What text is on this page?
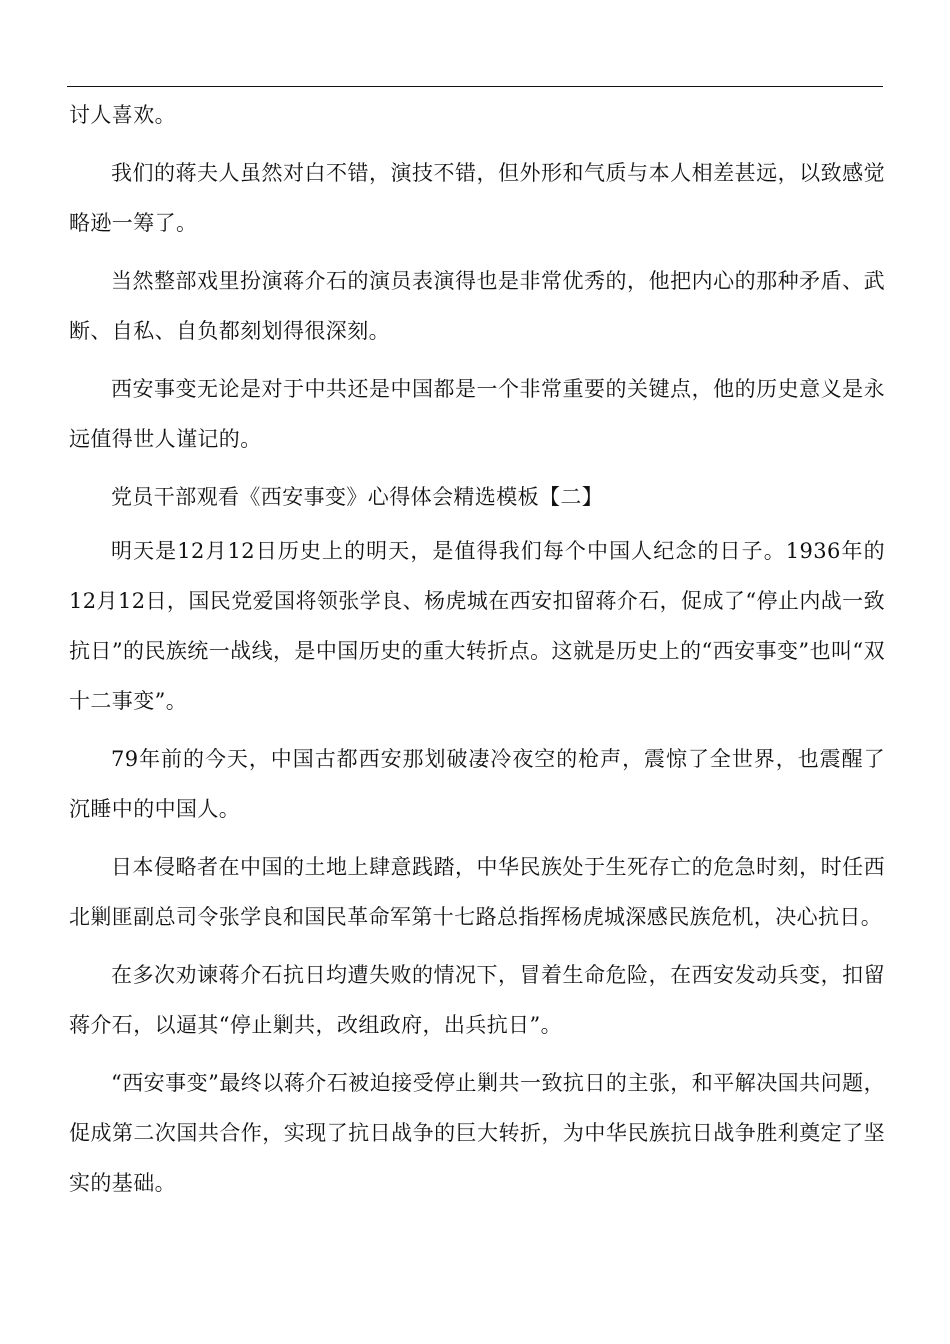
讨人喜欢。

我们的蒋夫人虽然对白不错，演技不错，但外形和气质与本人相差甚远，以致感觉略逊一筹了。

当然整部戏里扮演蒋介石的演员表演得也是非常优秀的，他把内心的那种矛盾、武断、自私、自负都刻划得很深刻。

西安事变无论是对于中共还是中国都是一个非常重要的关键点，他的历史意义是永远值得世人谨记的。

党员干部观看《西安事变》心得体会精选模板【二】

明天是12月12日历史上的明天，是值得我们每个中国人纪念的日子。1936年的12月12日，国民党爱国将领张学良、杨虎城在西安扣留蒋介石，促成了“停止内战一致抗日”的民族统一战线，是中国历史的重大转折点。这就是历史上的“西安事变”也叫“双十二事变”。

79年前的今天，中国古都西安那划破凄冷夜空的枪声，震惊了全世界，也震醒了沉睡中的中国人。

日本侵略者在中国的土地上肆意践踏，中华民族处于生死存亡的危急时刻，时任西北剿匪副总司令张学良和国民革命军第十七路总指挥杨虎城深感民族危机，决心抗日。

在多次劝谏蒋介石抗日均遭失败的情况下，冒着生命危险，在西安发动兵变，扣留蒋介石，以逼其“停止剿共，改组政府，出兵抗日”。

“西安事变”最终以蒋介石被迫接受停止剿共一致抗日的主张，和平解决国共问题，促成第二次国共合作，实现了抗日战争的巨大转折，为中华民族抗日战争胜利奠定了坚实的基础。
